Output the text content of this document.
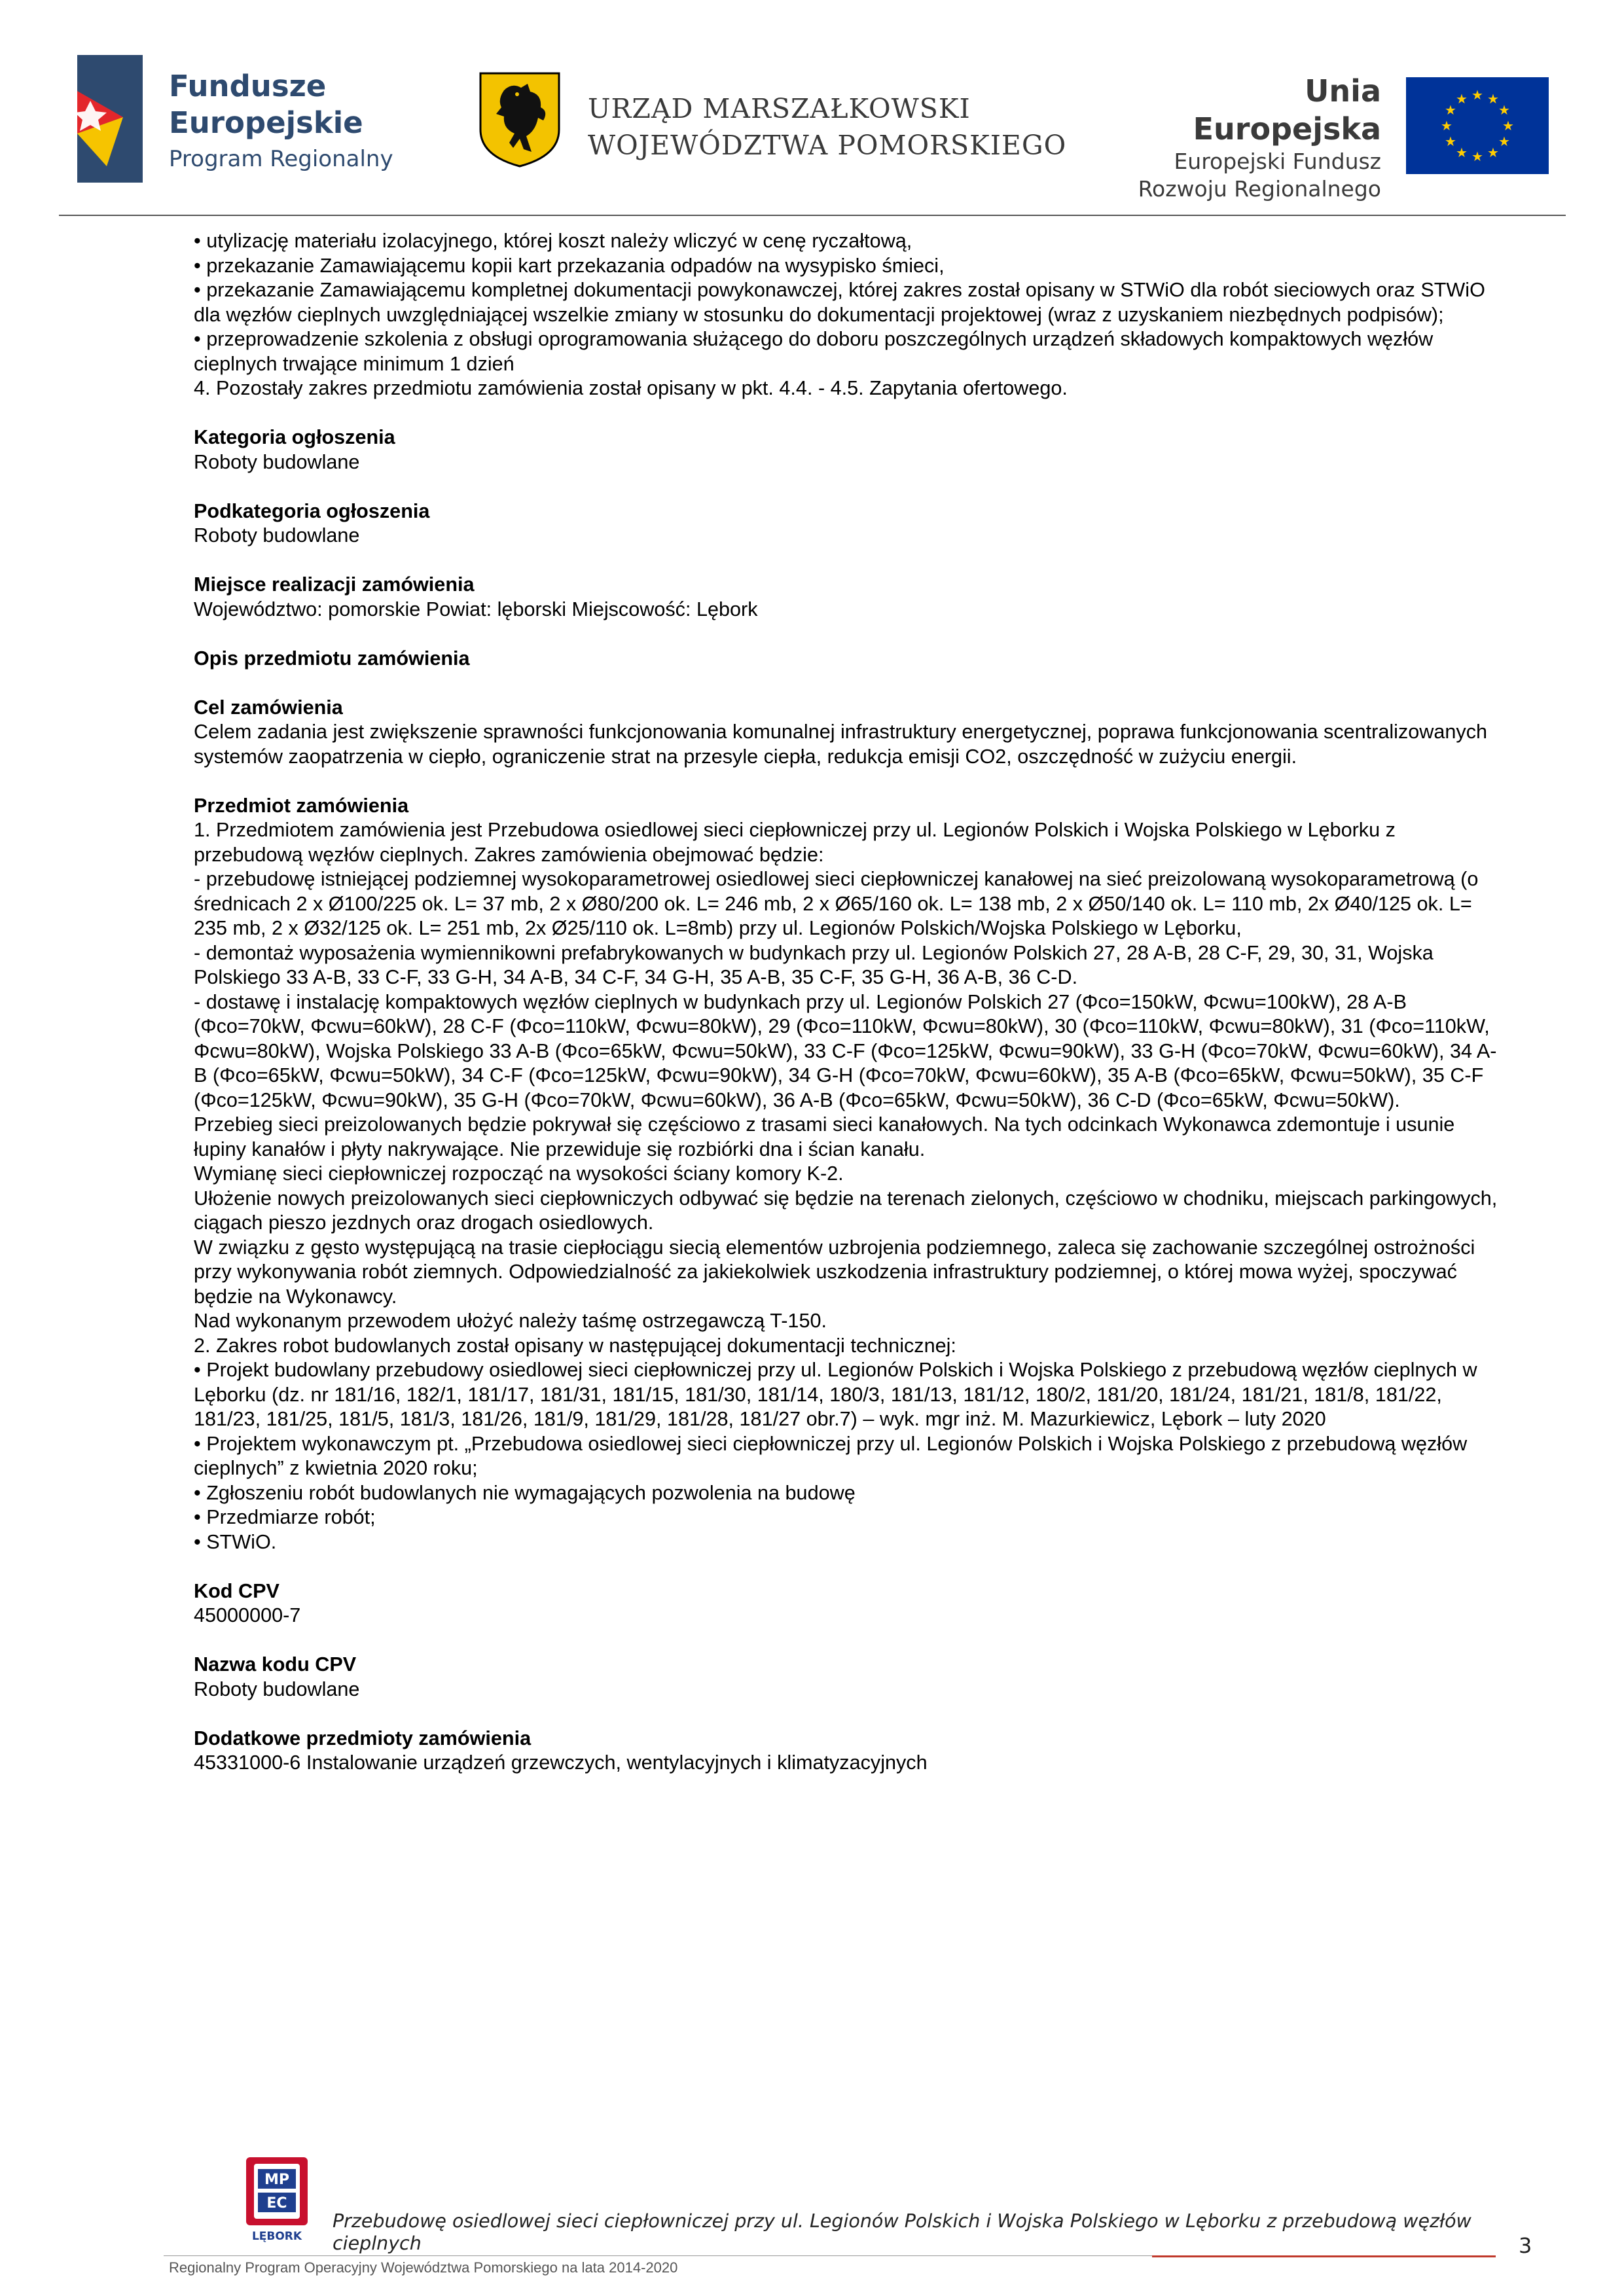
Fundusze
Europejskie
Program Regionalny
URZĄD MARSZAŁKOWSKI
WOJEWÓDZTWA POMORSKIEGO
Unia Europejska
Europejski Fundusz
Rozwoju Regionalnego
★ ★
★
★
★
★
★
★
★
★
★
★

• utylizację materiału izolacyjnego, której koszt należy wliczyć w cenę ryczałtową,

• przekazanie Zamawiającemu kopii kart przekazania odpadów na wysypisko śmieci,

• przekazanie Zamawiającemu kompletnej dokumentacji powykonawczej, której zakres został opisany w STWiO dla robót sieciowych oraz STWiO dla węzłów cieplnych uwzględniającej wszelkie zmiany w stosunku do dokumentacji projektowej (wraz z uzyskaniem niezbędnych podpisów);

• przeprowadzenie szkolenia z obsługi oprogramowania służącego do doboru poszczególnych urządzeń składowych kompaktowych węzłów cieplnych trwające minimum 1 dzień

4. Pozostały zakres przedmiotu zamówienia został opisany w pkt. 4.4. - 4.5. Zapytania ofertowego.

Kategoria ogłoszenia

Roboty budowlane

Podkategoria ogłoszenia

Roboty budowlane

Miejsce realizacji zamówienia

Województwo: pomorskie Powiat: lęborski Miejscowość: Lębork

Opis przedmiotu zamówienia

Cel zamówienia

Celem zadania jest zwiększenie sprawności funkcjonowania komunalnej infrastruktury energetycznej, poprawa funkcjonowania scentralizowanych systemów zaopatrzenia w ciepło, ograniczenie strat na przesyle ciepła, redukcja emisji CO2, oszczędność w zużyciu energii.

Przedmiot zamówienia

1. Przedmiotem zamówienia jest Przebudowa osiedlowej sieci ciepłowniczej przy ul. Legionów Polskich i Wojska Polskiego w Lęborku z przebudową węzłów cieplnych. Zakres zamówienia obejmować będzie:

- przebudowę istniejącej podziemnej wysokoparametrowej osiedlowej sieci ciepłowniczej kanałowej na sieć preizolowaną wysokoparametrową (o średnicach 2 x Ø100/225 ok. L= 37 mb, 2 x Ø80/200 ok. L= 246 mb, 2 x Ø65/160 ok. L= 138 mb, 2 x Ø50/140 ok. L= 110 mb, 2x Ø40/125 ok. L= 235 mb, 2 x Ø32/125 ok. L= 251 mb, 2x Ø25/110 ok. L=8mb) przy ul. Legionów Polskich/Wojska Polskiego w Lęborku,

- demontaż wyposażenia wymiennikowni prefabrykowanych w budynkach przy ul. Legionów Polskich 27, 28 A-B, 28 C-F, 29, 30, 31, Wojska Polskiego 33 A-B, 33 C-F, 33 G-H, 34 A-B, 34 C-F, 34 G-H, 35 A-B, 35 C-F, 35 G-H, 36 A-B, 36 C-D.

- dostawę i instalację kompaktowych węzłów cieplnych w budynkach przy ul. Legionów Polskich 27 (Φco=150kW, Φcwu=100kW), 28 A-B (Φco=70kW, Φcwu=60kW), 28 C-F (Φco=110kW, Φcwu=80kW), 29 (Φco=110kW, Φcwu=80kW), 30 (Φco=110kW, Φcwu=80kW), 31 (Φco=110kW, Φcwu=80kW), Wojska Polskiego 33 A-B (Φco=65kW, Φcwu=50kW), 33 C-F (Φco=125kW, Φcwu=90kW), 33 G-H (Φco=70kW, Φcwu=60kW), 34 A-B (Φco=65kW, Φcwu=50kW), 34 C-F (Φco=125kW, Φcwu=90kW), 34 G-H (Φco=70kW, Φcwu=60kW), 35 A-B (Φco=65kW, Φcwu=50kW), 35 C-F (Φco=125kW, Φcwu=90kW), 35 G-H (Φco=70kW, Φcwu=60kW), 36 A-B (Φco=65kW, Φcwu=50kW), 36 C-D (Φco=65kW, Φcwu=50kW).

Przebieg sieci preizolowanych będzie pokrywał się częściowo z trasami sieci kanałowych. Na tych odcinkach Wykonawca zdemontuje i usunie łupiny kanałów i płyty nakrywające. Nie przewiduje się rozbiórki dna i ścian kanału.

Wymianę sieci ciepłowniczej rozpocząć na wysokości ściany komory K-2.

Ułożenie nowych preizolowanych sieci ciepłowniczych odbywać się będzie na terenach zielonych, częściowo w chodniku, miejscach parkingowych, ciągach pieszo jezdnych oraz drogach osiedlowych.

W związku z gęsto występującą na trasie ciepłociągu siecią elementów uzbrojenia podziemnego, zaleca się zachowanie szczególnej ostrożności przy wykonywania robót ziemnych. Odpowiedzialność za jakiekolwiek uszkodzenia infrastruktury podziemnej, o której mowa wyżej, spoczywać będzie na Wykonawcy.

Nad wykonanym przewodem ułożyć należy taśmę ostrzegawczą T-150.

2. Zakres robot budowlanych został opisany w następującej dokumentacji technicznej:

• Projekt budowlany przebudowy osiedlowej sieci ciepłowniczej przy ul. Legionów Polskich i Wojska Polskiego z przebudową węzłów cieplnych w Lęborku (dz. nr 181/16, 182/1, 181/17, 181/31, 181/15, 181/30, 181/14, 180/3, 181/13, 181/12, 180/2, 181/20, 181/24, 181/21, 181/8, 181/22, 181/23, 181/25, 181/5, 181/3, 181/26, 181/9, 181/29, 181/28, 181/27 obr.7) – wyk. mgr inż. M. Mazurkiewicz, Lębork – luty 2020

• Projektem wykonawczym pt. „Przebudowa osiedlowej sieci ciepłowniczej przy ul. Legionów Polskich i Wojska Polskiego z przebudową węzłów cieplnych” z kwietnia 2020 roku;

• Zgłoszeniu robót budowlanych nie wymagających pozwolenia na budowę

• Przedmiarze robót;

• STWiO.

Kod CPV

45000000-7

Nazwa kodu CPV

Roboty budowlane

Dodatkowe przedmioty zamówienia

45331000-6 Instalowanie urządzeń grzewczych, wentylacyjnych i klimatyzacyjnych

MP
EC
LĘBORK
Przebudowę osiedlowej sieci ciepłowniczej przy ul. Legionów Polskich i Wojska Polskiego w Lęborku z przebudową węzłów cieplnych	3
Regionalny Program Operacyjny Województwa Pomorskiego na lata 2014-2020
